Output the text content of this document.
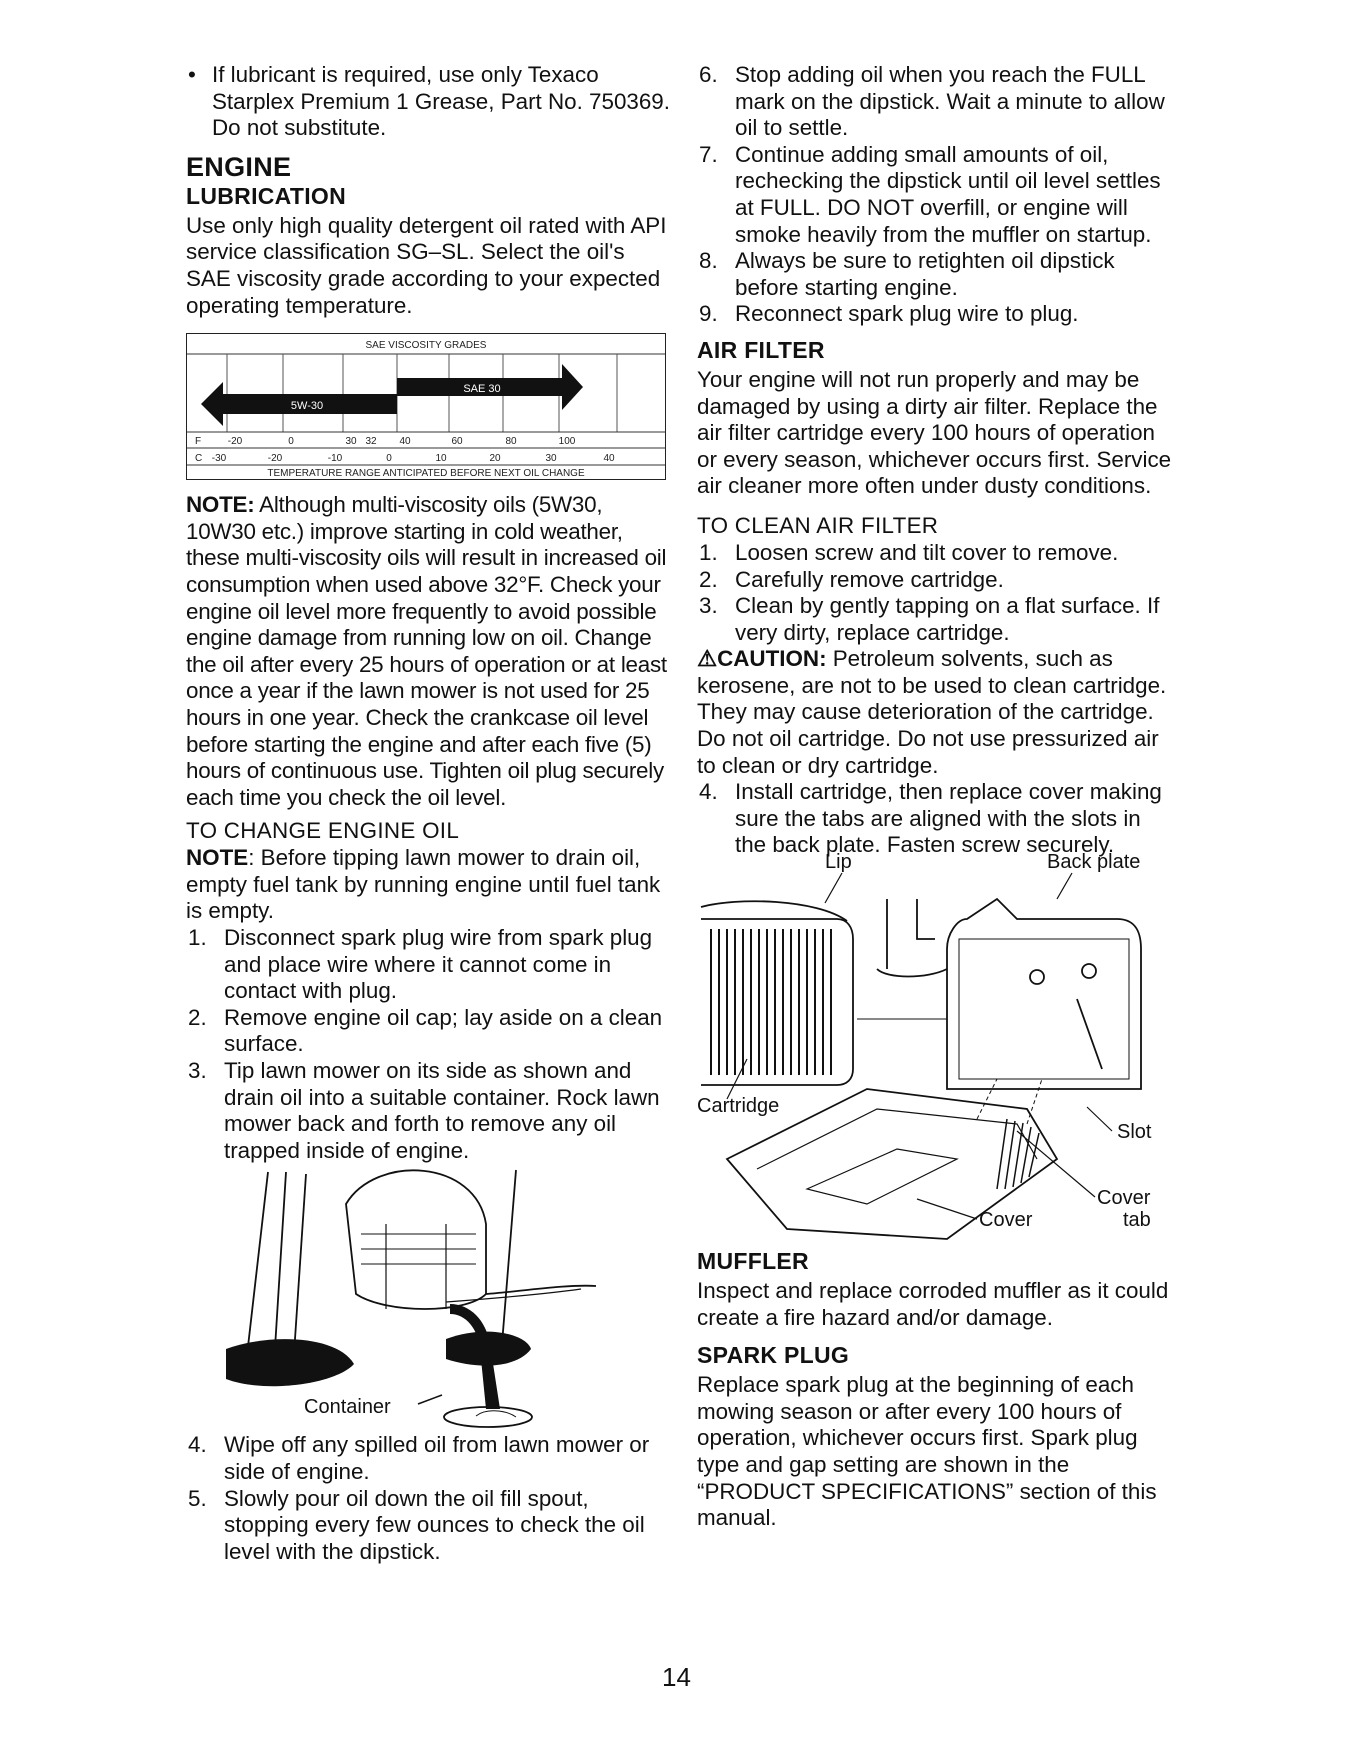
• If lubricant is required, use only Texaco Starplex Premium 1 Grease, Part No. 750369. Do not substitute.

ENGINE
LUBRICATION

Use only high quality detergent oil rated with API service classification SG–SL. Select the oil's SAE viscosity grade according to your expected operating temperature.

SAE 30
5W-30
F
C
SAE VISCOSITY GRADES
TEMPERATURE RANGE ANTICIPATED BEFORE NEXT OIL CHANGE
-20	0	30 32 40	60	80	100
-30	-20	-10	0	10	20	30	40

NOTE: Although multi-viscosity oils (5W30, 10W30 etc.) improve starting in cold weather, these multi-viscosity oils will result in increased oil consumption when used above 32°F. Check your engine oil level more frequently to avoid possible engine damage from running low on oil. Change the oil after every 25 hours of operation or at least once a year if the lawn mower is not used for 25 hours in one year. Check the crankcase oil level before starting the engine and after each five (5) hours of continuous use. Tighten oil plug securely each time you check the oil level.

TO CHANGE ENGINE OIL

NOTE: Before tipping lawn mower to drain oil, empty fuel tank by running engine until fuel tank is empty.

1. Disconnect spark plug wire from spark plug and place wire where it cannot come in contact with plug.

2. Remove engine oil cap; lay aside on a clean surface.

3. Tip lawn mower on its side as shown and drain oil into a suitable container. Rock lawn mower back and forth to remove any oil trapped inside of engine.

Container

4. Wipe off any spilled oil from lawn mower or side of engine.

5. Slowly pour oil down the oil fill spout, stopping every few ounces to check the oil level with the dipstick.

6. Stop adding oil when you reach the FULL mark on the dipstick. Wait a minute to allow oil to settle.

7. Continue adding small amounts of oil, rechecking the dipstick until oil level settles at FULL. DO NOT overfill, or engine will smoke heavily from the muffler on startup.

8. Always be sure to retighten oil dipstick before starting engine.

9. Reconnect spark plug wire to plug.

AIR FILTER

Your engine will not run properly and may be damaged by using a dirty air filter. Replace the air filter cartridge every 100 hours of operation or every season, whichever occurs first. Service air cleaner more often under dusty conditions.

TO CLEAN AIR FILTER

1. Loosen screw and tilt cover to remove.

2. Carefully remove cartridge.

3. Clean by gently tapping on a flat surface. If very dirty, replace cartridge.

⚠CAUTION: Petroleum solvents, such as kerosene, are not to be used to clean cartridge. They may cause deterioration of the cartridge. Do not oil cartridge. Do not use pressurized air to clean or dry cartridge.

4. Install cartridge, then replace cover making sure the tabs are aligned with the slots in the back plate. Fasten screw securely.

Lip	Back plate
Cartridge
Slot
Cover
Cover
tab
MUFFLER

Inspect and replace corroded muffler as it could create a fire hazard and/or damage.

SPARK PLUG

Replace spark plug at the beginning of each mowing season or after every 100 hours of operation, whichever occurs first. Spark plug type and gap setting are shown in the “PRODUCT SPECIFICATIONS” section of this manual.

14
